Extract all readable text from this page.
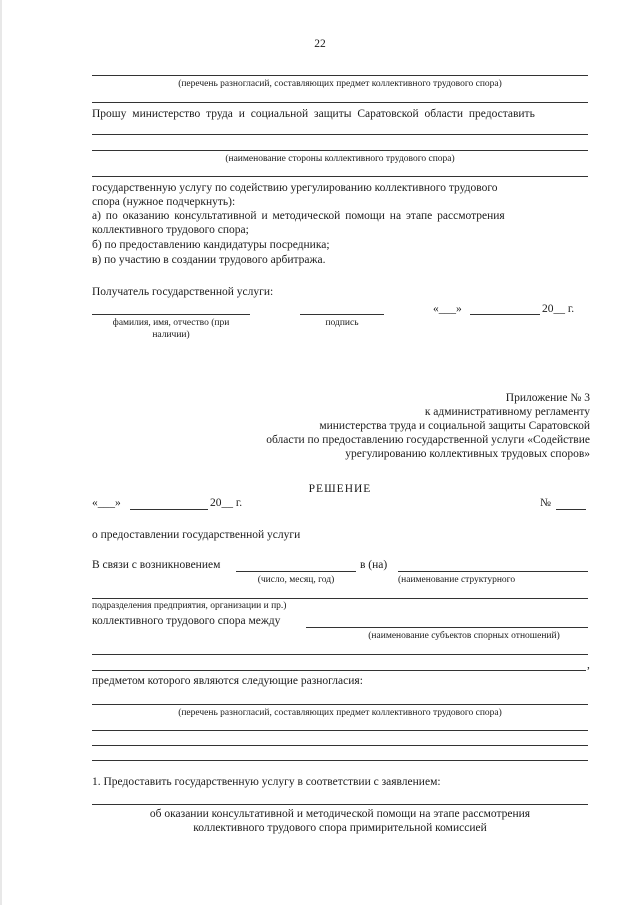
22
(перечень разногласий, составляющих предмет коллективного трудового спора)
Прошу министерство труда и социальной защиты Саратовской области предоставить
(наименование стороны коллективного трудового спора)
государственную услугу по содействию урегулированию коллективного трудового
спора (нужное подчеркнуть):
а) по оказанию консультативной и методической помощи на этапе рассмотрения
коллективного трудового спора;
б) по предоставлению кандидатуры посредника;
в) по участию в создании трудового арбитража.
Получатель государственной услуги:
«___»	20__ г.
фамилия, имя, отчество (при
наличии)
подпись
Приложение № 3
к административному регламенту
министерства труда и социальной защиты Саратовской
области по предоставлению государственной услуги «Содействие
урегулированию коллективных трудовых споров»
РЕШЕНИЕ
«___»	20__ г.	№
о предоставлении государственной услуги
В связи с возникновением	в (на)
(число, месяц, год)	(наименование структурного
подразделения предприятия, организации и пр.)
коллективного трудового спора между
(наименование субъектов спорных отношений)
,
предметом которого являются следующие разногласия:
(перечень разногласий, составляющих предмет коллективного трудового спора)
1. Предоставить государственную услугу в соответствии с заявлением:
об оказании консультативной и методической помощи на этапе рассмотрения
коллективного трудового спора примирительной комиссией
